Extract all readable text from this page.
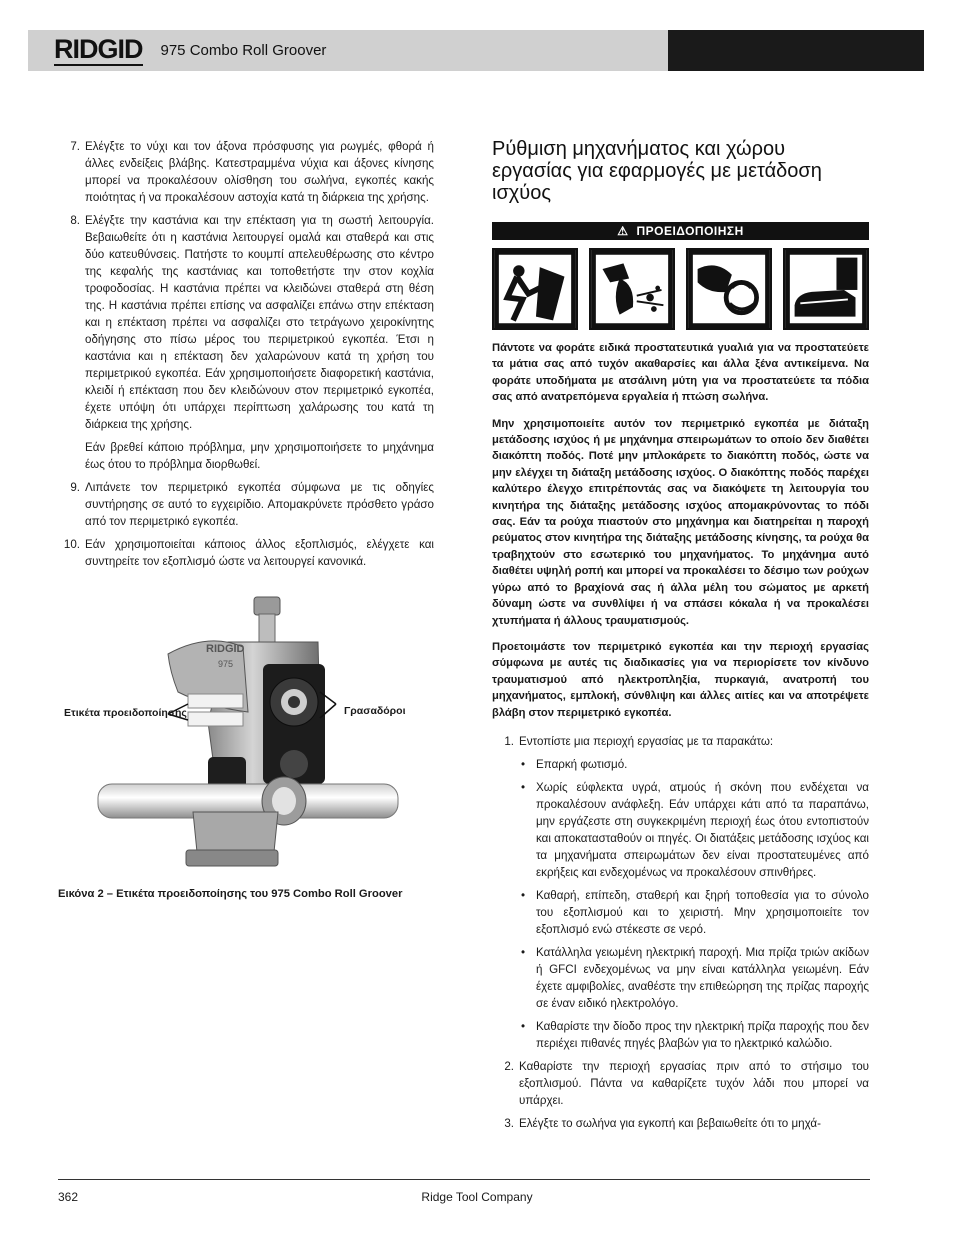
RIDGID 975 Combo Roll Groover
7. Ελέγξτε το νύχι και τον άξονα πρόσφυσης για ρωγμές, φθορά ή άλλες ενδείξεις βλάβης. Κατεστραμμένα νύχια και άξονες κίνησης μπορεί να προκαλέσουν ολίσθηση του σωλήνα, εγκοπές κακής ποιότητας ή να προκαλέσουν αστοχία κατά τη διάρκεια της χρήσης.
8. Ελέγξτε την καστάνια και την επέκταση για τη σωστή λειτουργία. Βεβαιωθείτε ότι η καστάνια λειτουργεί ομαλά και σταθερά και στις δύο κατευθύνσεις. Πατήστε το κουμπί απελευθέρωσης στο κέντρο της κεφαλής της καστάνιας και τοποθετήστε την στον κοχλία τροφοδοσίας. Η καστάνια πρέπει να κλειδώνει σταθερά στη θέση της. Η καστάνια πρέπει επίσης να ασφαλίζει επάνω στην επέκταση και η επέκταση πρέπει να ασφαλίζει στο τετράγωνο χειροκίνητης οδήγησης στο πίσω μέρος του περιμετρικού εγκοπέα. Έτσι η καστάνια και η επέκταση δεν χαλαρώνουν κατά τη χρήση του περιμετρικού εγκοπέα. Εάν χρησιμοποιήσετε διαφορετική καστάνια, κλειδί ή επέκταση που δεν κλειδώνουν στον περιμετρικό εγκοπέα, έχετε υπόψη ότι υπάρχει περίπτωση χαλάρωσης του κατά τη διάρκεια της χρήσης.

Εάν βρεθεί κάποιο πρόβλημα, μην χρησιμοποιήσετε το μηχάνημα έως ότου το πρόβλημα διορθωθεί.

9. Λιπάνετε τον περιμετρικό εγκοπέα σύμφωνα με τις οδηγίες συντήρησης σε αυτό το εγχειρίδιο. Απομακρύνετε πρόσθετο γράσο από τον περιμετρικό εγκοπέα.
10. Εάν χρησιμοποιείται κάποιος άλλος εξοπλισμός, ελέγχετε και συντηρείτε τον εξοπλισμό ώστε να λειτουργεί κανονικά.
RIDGID
975
Ετικέτα προειδοποίησης	Γρασαδόροι
Εικόνα 2 – Ετικέτα προειδοποίησης του 975 Combo Roll Groover
Ρύθμιση μηχανήματος και χώρου εργασίας για εφαρμογές με μετάδοση ισχύος
⚠ ΠΡΟΕΙΔΟΠΟΙΗΣΗ

Πάντοτε να φοράτε ειδικά προστατευτικά γυαλιά για να προστατεύετε τα μάτια σας από τυχόν ακαθαρσίες και άλλα ξένα αντικείμενα. Να φοράτε υποδήματα με ατσάλινη μύτη για να προστατεύετε τα πόδια σας από ανατρεπόμενα εργαλεία ή πτώση σωλήνα.

Μην χρησιμοποιείτε αυτόν τον περιμετρικό εγκοπέα με διάταξη μετάδοσης ισχύος ή με μηχάνημα σπειρωμάτων το οποίο δεν διαθέτει διακόπτη ποδός. Ποτέ μην μπλοκάρετε το διακόπτη ποδός, ώστε να μην ελέγχει τη διάταξη μετάδοσης ισχύος. Ο διακόπτης ποδός παρέχει καλύτερο έλεγχο επιτρέποντάς σας να διακόψετε τη λειτουργία του κινητήρα της διάταξης μετάδοσης ισχύος απομακρύνοντας το πόδι σας. Εάν τα ρούχα πιαστούν στο μηχάνημα και διατηρείται η παροχή ρεύματος στον κινητήρα της διάταξης μετάδοσης κίνησης, τα ρούχα θα τραβηχτούν στο εσωτερικό του μηχανήματος. Το μηχάνημα αυτό διαθέτει υψηλή ροπή και μπορεί να προκαλέσει το δέσιμο των ρούχων γύρω από το βραχίονά σας ή άλλα μέλη του σώματος με αρκετή δύναμη ώστε να συνθλίψει ή να σπάσει κόκαλα ή να προκαλέσει χτυπήματα ή άλλους τραυματισμούς.

Προετοιμάστε τον περιμετρικό εγκοπέα και την περιοχή εργασίας σύμφωνα με αυτές τις διαδικασίες για να περιορίσετε τον κίνδυνο τραυματισμού από ηλεκτροπληξία, πυρκαγιά, ανατροπή του μηχανήματος, εμπλοκή, σύνθλιψη και άλλες αιτίες και να αποτρέψετε βλάβη στον περιμετρικό εγκοπέα.

1. Εντοπίστε μια περιοχή εργασίας με τα παρακάτω:
• Επαρκή φωτισμό.
• Χωρίς εύφλεκτα υγρά, ατμούς ή σκόνη που ενδέχεται να προκαλέσουν ανάφλεξη. Εάν υπάρχει κάτι από τα παραπάνω, μην εργάζεστε στη συγκεκριμένη περιοχή έως ότου εντοπιστούν και αποκατασταθούν οι πηγές. Οι διατάξεις μετάδοσης ισχύος και τα μηχανήματα σπειρωμάτων δεν είναι προστατευμένες από εκρήξεις και ενδεχομένως να προκαλέσουν σπινθήρες.
• Καθαρή, επίπεδη, σταθερή και ξηρή τοποθεσία για το σύνολο του εξοπλισμού και το χειριστή. Μην χρησιμοποιείτε τον εξοπλισμό ενώ στέκεστε σε νερό.
• Κατάλληλα γειωμένη ηλεκτρική παροχή. Μια πρίζα τριών ακίδων ή GFCI ενδεχομένως να μην είναι κατάλληλα γειωμένη. Εάν έχετε αμφιβολίες, αναθέστε την επιθεώρηση της πρίζας παροχής σε έναν ειδικό ηλεκτρολόγο.
• Καθαρίστε την δίοδο προς την ηλεκτρική πρίζα παροχής που δεν περιέχει πιθανές πηγές βλαβών για το ηλεκτρικό καλώδιο.
2. Καθαρίστε την περιοχή εργασίας πριν από το στήσιμο του εξοπλισμού. Πάντα να καθαρίζετε τυχόν λάδι που μπορεί να υπάρχει.
3. Ελέγξτε το σωλήνα για εγκοπή και βεβαιωθείτε ότι το μηχά-
362	Ridge Tool Company
